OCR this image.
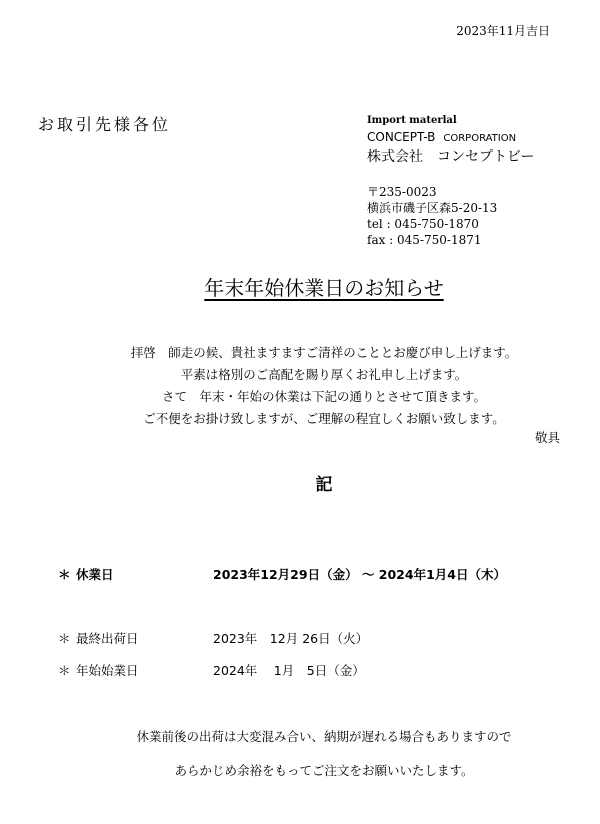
2023年11月吉日
お取引先様各位	Import materlal
CONCEPT-B CORPORATION
株式会社　コンセプトビー
〒235-0023
横浜市磯子区森5-20-13
tel : 045-750-1870
fax : 045-750-1871
年末年始休業日のお知らせ
拝啓　師走の候、貴社ますますご清祥のこととお慶び申し上げます。
平素は格別のご高配を賜り厚くお礼申し上げます。
さて　年末・年始の休業は下記の通りとさせて頂きます。
ご不便をお掛け致しますが、ご理解の程宜しくお願い致します。
敬具
記
＊ 休業日	2023年12月29日（金） ～ 2024年1月4日（木）
＊ 最終出荷日	2023年　12月 26日（火）
＊ 年始始業日	2024年　 1月　5日（金）
休業前後の出荷は大変混み合い、納期が遅れる場合もありますので
あらかじめ余裕をもってご注文をお願いいたします。
